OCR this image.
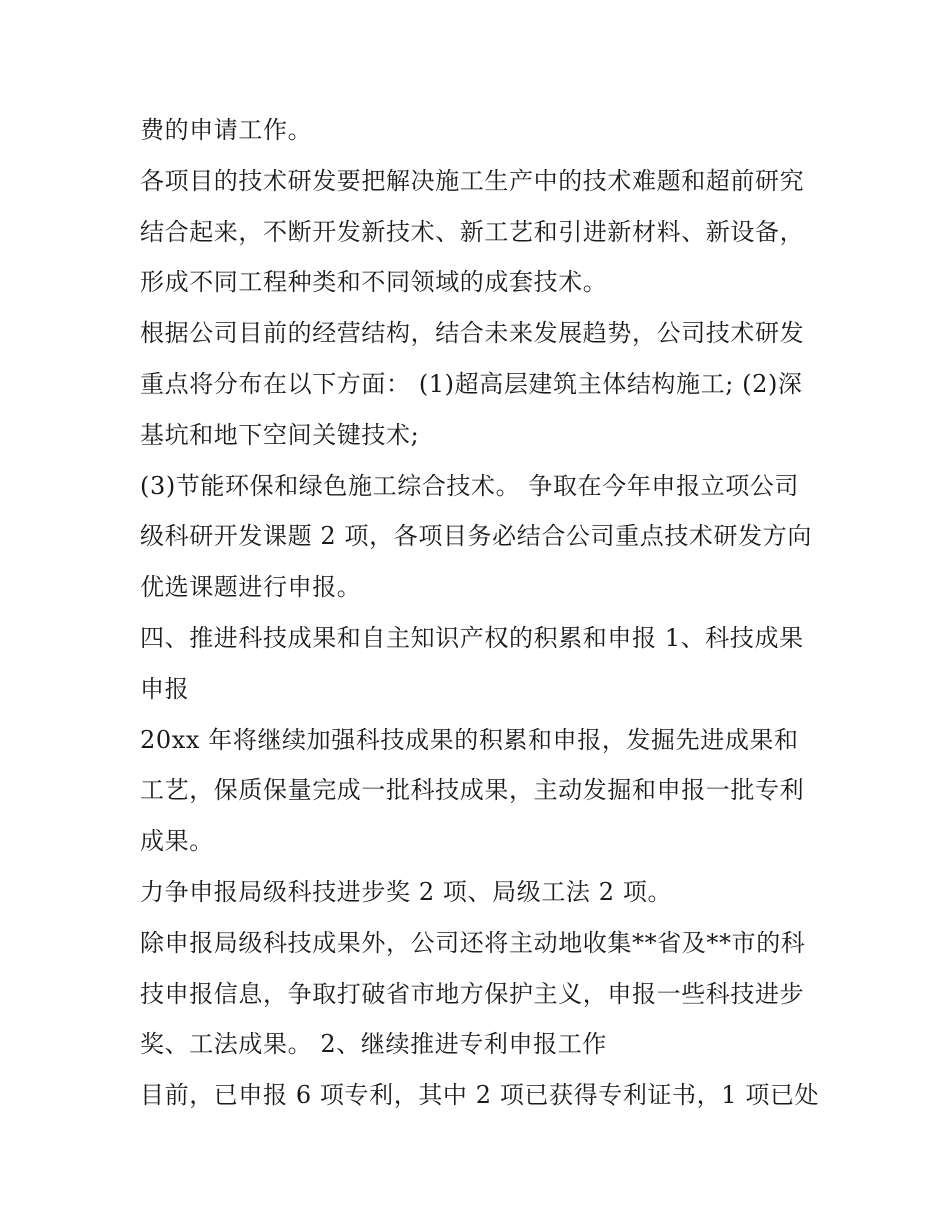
费的申请工作。
各项目的技术研发要把解决施工生产中的技术难题和超前研究
结合起来，不断开发新技术、新工艺和引进新材料、新设备，
形成不同工程种类和不同领域的成套技术。
根据公司目前的经营结构，结合未来发展趋势，公司技术研发
重点将分布在以下方面： (1)超高层建筑主体结构施工; (2)深
基坑和地下空间关键技术;
(3)节能环保和绿色施工综合技术。 争取在今年申报立项公司
级科研开发课题 2 项，各项目务必结合公司重点技术研发方向
优选课题进行申报。
四、推进科技成果和自主知识产权的积累和申报 1、科技成果
申报
20xx 年将继续加强科技成果的积累和申报，发掘先进成果和
工艺，保质保量完成一批科技成果，主动发掘和申报一批专利
成果。
力争申报局级科技进步奖 2 项、局级工法 2 项。
除申报局级科技成果外，公司还将主动地收集**省及**市的科
技申报信息，争取打破省市地方保护主义，申报一些科技进步
奖、工法成果。 2、继续推进专利申报工作
目前，已申报 6 项专利，其中 2 项已获得专利证书，1 项已处
